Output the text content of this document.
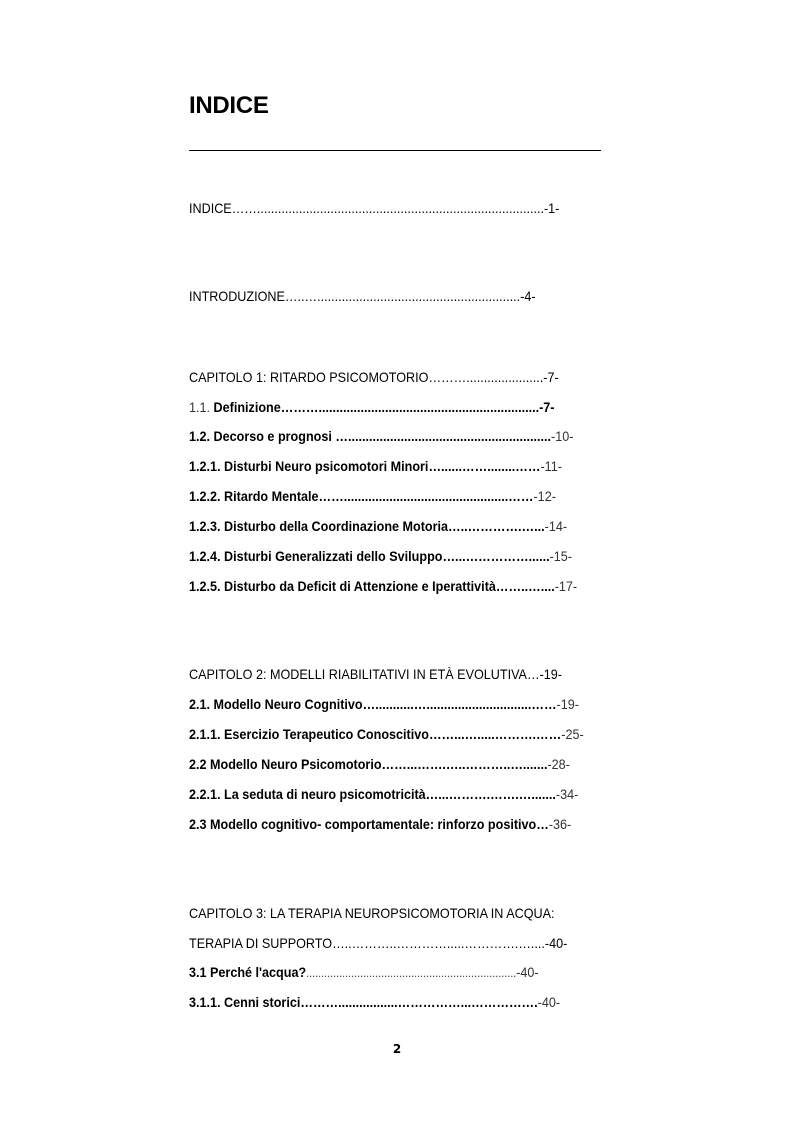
INDICE
INDICE……..................................................................................-1-
INTRODUZIONE…..…..........................................................-4-
CAPITOLO 1: RITARDO PSICOMOTORIO………......................-7-
1.1. Definizione………...............................................................-7-
1.2. Decorso e prognosi …..........................................................-10-
1.2.1. Disturbi Neuro psicomotori Minori…......……........……-11-
1.2.2. Ritardo Mentale……...............................................……-12-
1.2.3. Disturbo della Coordinazione Motoria…..………….…...-14-
1.2.4. Disturbi Generalizzati dello Sviluppo…...……………......-15-
1.2.5. Disturbo da Deficit di Attenzione e Iperattività……..…....-17-
CAPITOLO 2: MODELLI RIABILITATIVI IN ETÀ EVOLUTIVA…-19-
2.1. Modello Neuro Cognitivo…...........…..............................……-19-
2.1.1. Esercizio Terapeutico Conoscitivo……...….....……….……-25-
2.2 Modello Neuro Psicomotorio……...…….…..………..….......-28-
2.2.1. La seduta di neuro psicomotricità…...……….…….….......-34-
2.3 Modello cognitivo- comportamentale: rinforzo positivo…-36-
CAPITOLO 3: LA TERAPIA NEUROPSICOMOTORIA IN ACQUA:
TERAPIA DI SUPPORTO…..………..………….....………….…....-40-
3.1 Perché l'acqua?......................................................................-40-
3.1.1. Cenni storici……….................……………...…………….-40-
2
